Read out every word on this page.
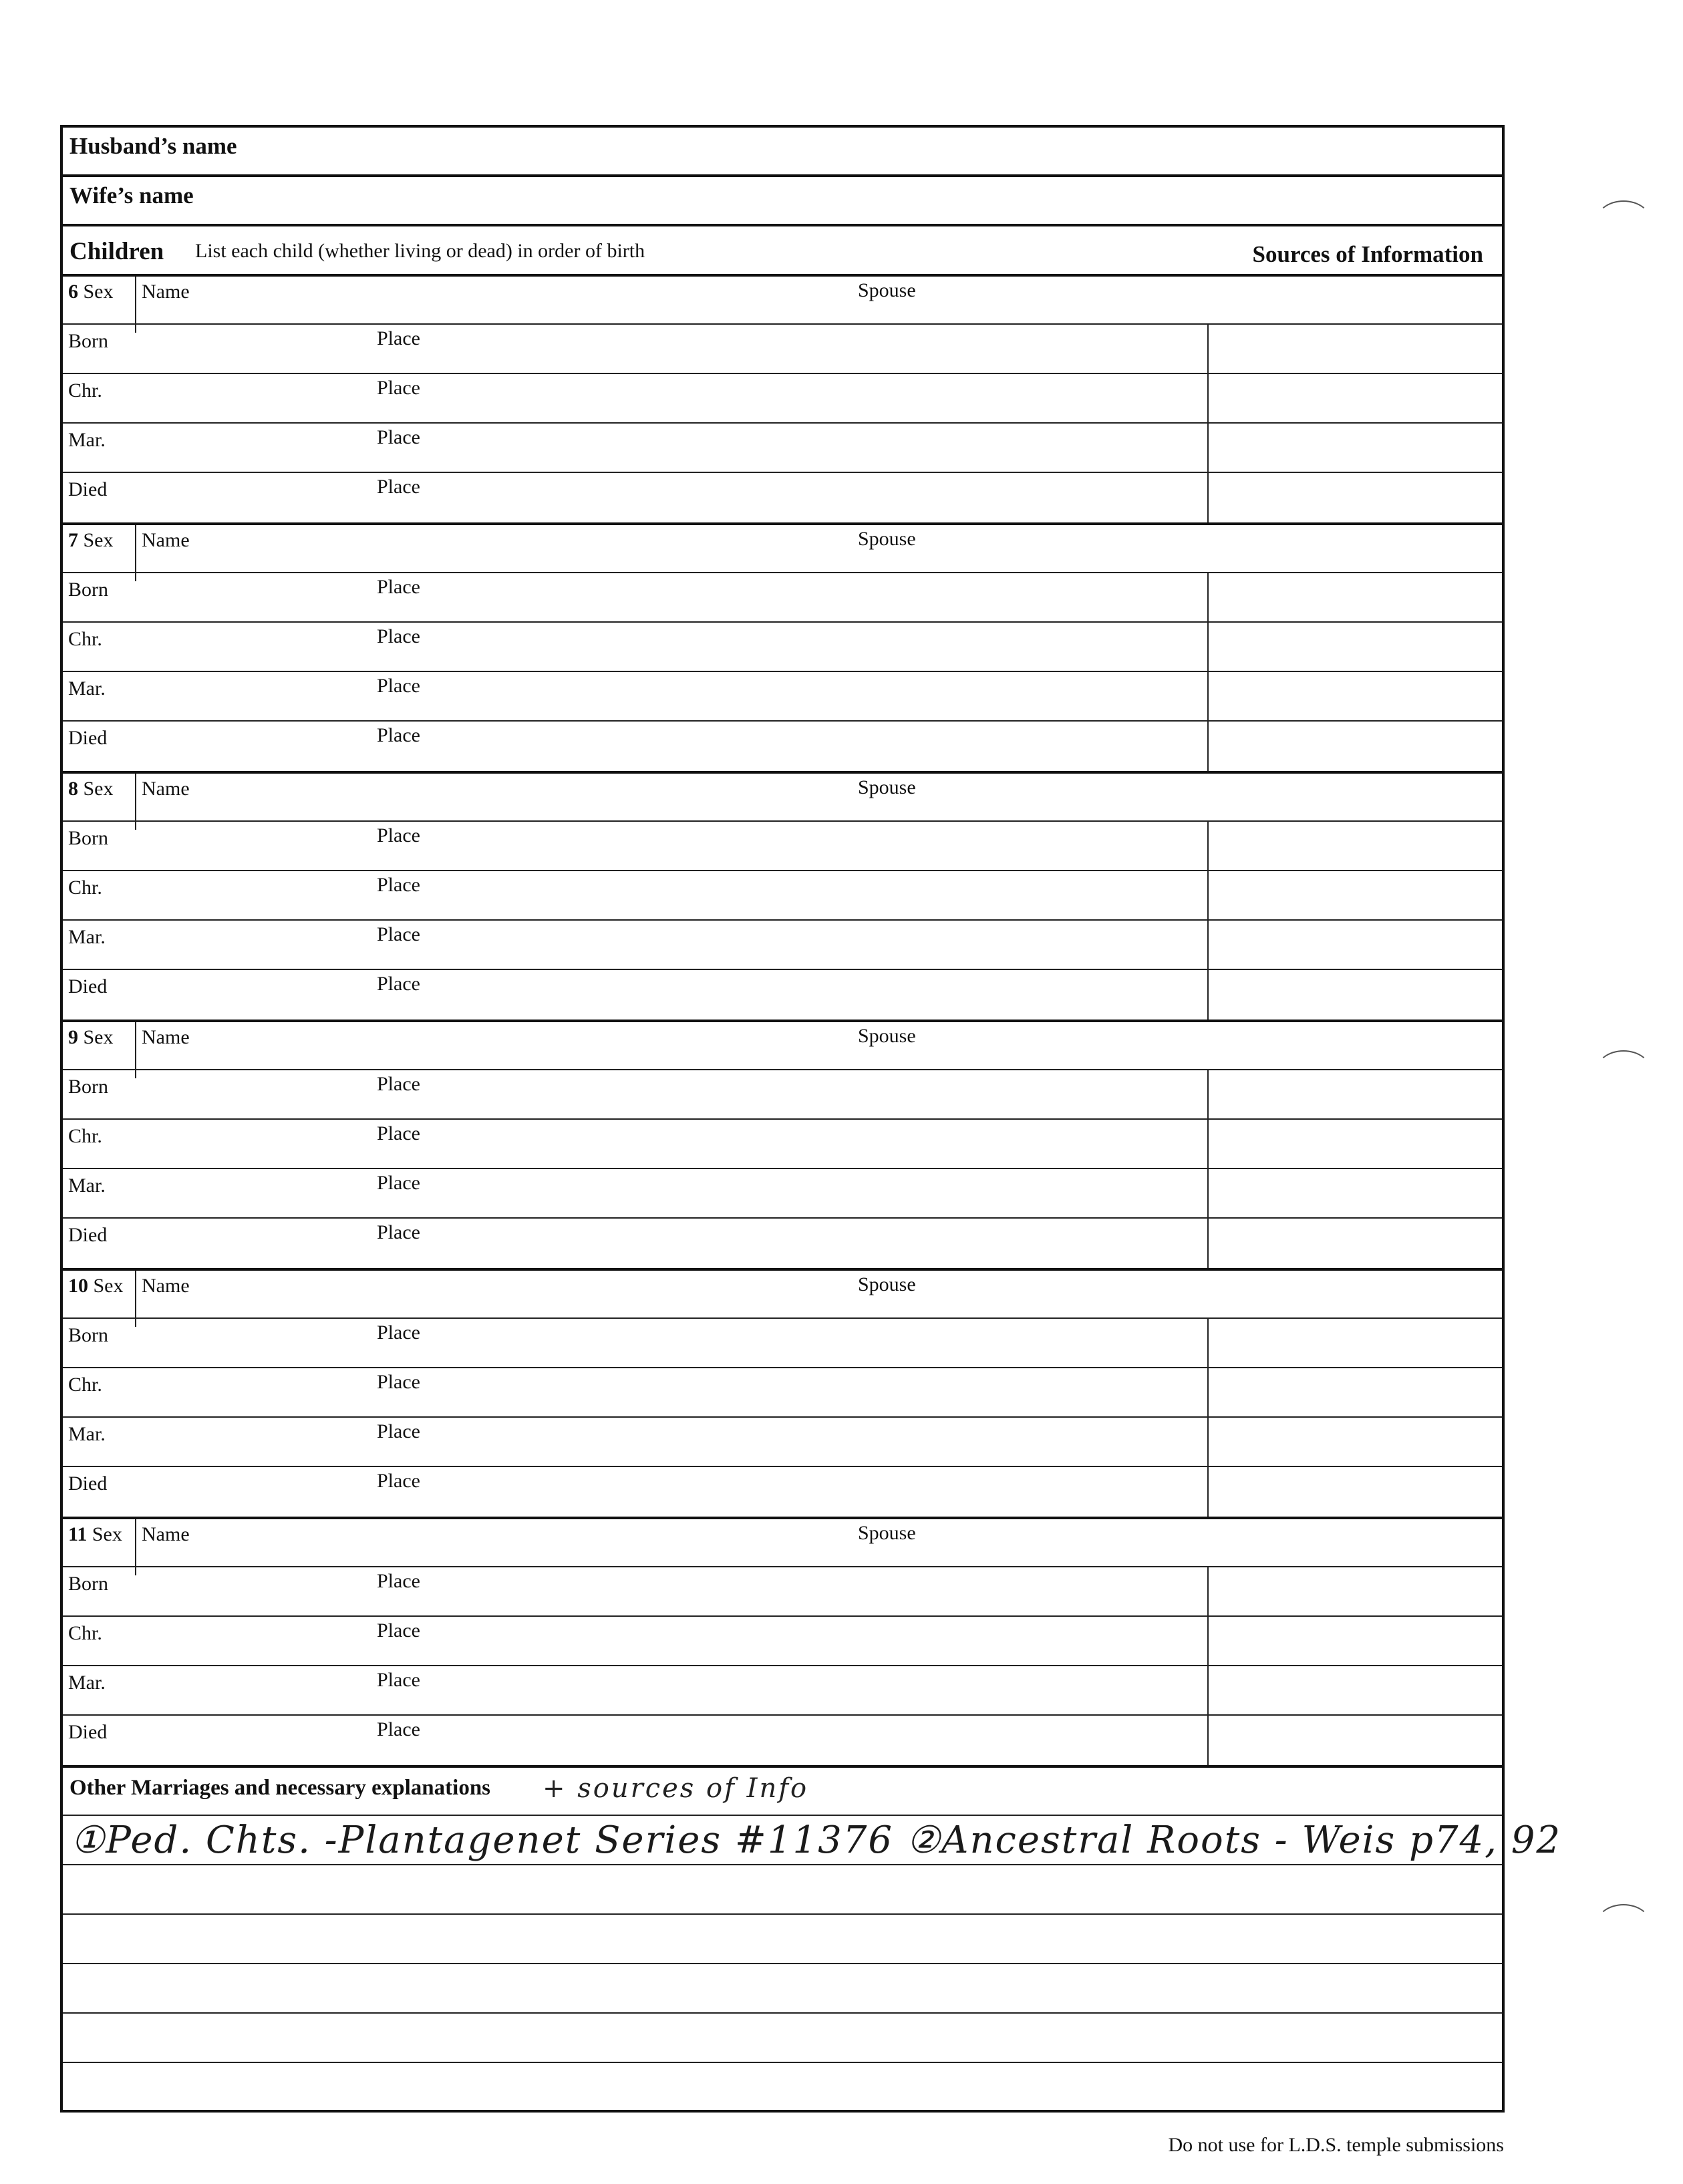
Husband’s name
Wife’s name
Children List each child (whether living or dead) in order of birth	Sources of Information
6 Sex Name	Spouse
Born	Place
Chr.	Place
Mar.	Place
Died	Place
7 Sex Name	Spouse
Born	Place
Chr.	Place
Mar.	Place
Died	Place
8 Sex Name	Spouse
Born	Place
Chr.	Place
Mar.	Place
Died	Place
9 Sex Name	Spouse
Born	Place
Chr.	Place
Mar.	Place
Died	Place
10 Sex Name	Spouse
Born	Place
Chr.	Place
Mar.	Place
Died	Place
11 Sex Name	Spouse
Born	Place
Chr.	Place
Mar.	Place
Died	Place
Other Marriages and necessary explanations + sources of Info
①Ped. Chts. -Plantagenet Series #11376 ②Ancestral Roots - Weis p74, 92
Do not use for L.D.S. temple submissions
